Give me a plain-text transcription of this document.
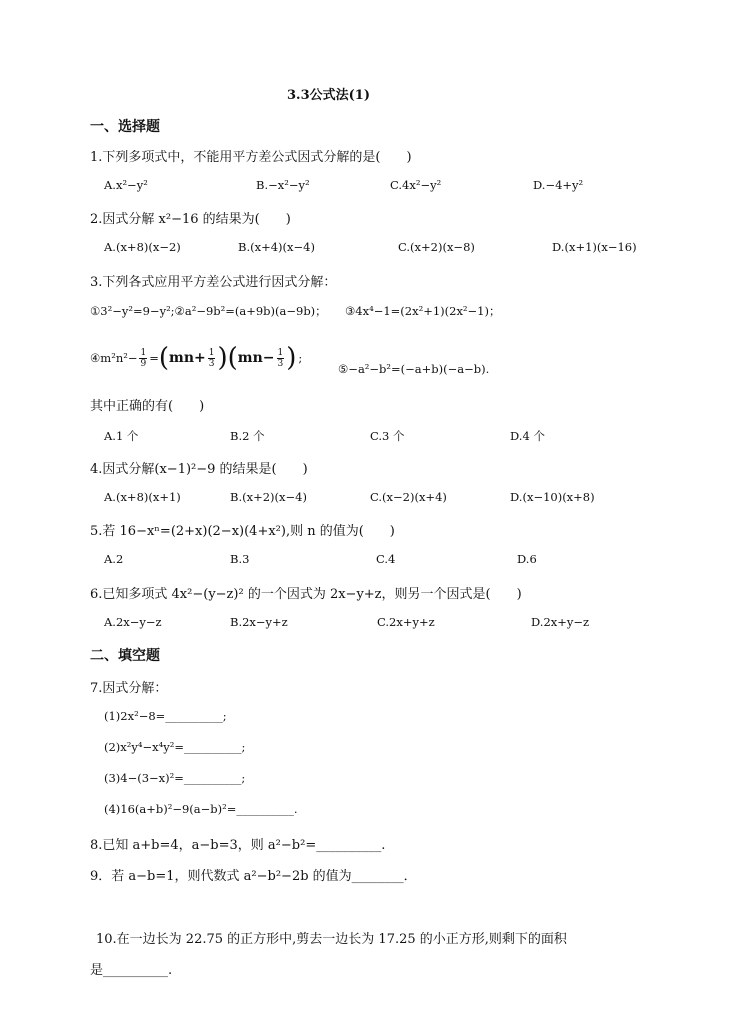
3.3公式法(1)
一、选择题
1.下列多项式中，不能用平方差公式因式分解的是(　　)
A.x²−y²	B.−x²−y²	C.4x²−y²	D.−4+y²
2.因式分解 x²−16 的结果为(　　)
A.(x+8)(x−2)	B.(x+4)(x−4)	C.(x+2)(x−8)	D.(x+1)(x−16)
3.下列各式应用平方差公式进行因式分解：
①3²−y²=9−y²;②a²−9b²=(a+9b)(a−9b)； ③4x⁴−1=(2x²+1)(2x²−1)；
④m²n²− $\frac{1}{9}$ = ( $mn+ \frac{1}{3}$ ) ( $mn- \frac{1}{3}$ ) ;
⑤−a²−b²=(−a+b)(−a−b).
其中正确的有(　　)
A.1 个	B.2 个	C.3 个	D.4 个
4.因式分解(x−1)²−9 的结果是(　　)
A.(x+8)(x+1)	B.(x+2)(x−4)	C.(x−2)(x+4)	D.(x−10)(x+8)
5.若 16−xⁿ=(2+x)(2−x)(4+x²),则 n 的值为(　　)
A.2	B.3	C.4	D.6
6.已知多项式 4x²−(y−z)² 的一个因式为 2x−y+z，则另一个因式是(　　)
A.2x−y−z	B.2x−y+z	C.2x+y+z	D.2x+y−z
二、填空题
7.因式分解：
(1)2x²−8=__________;
(2)x²y⁴−x⁴y²=__________;
(3)4−(3−x)²=__________;
(4)16(a+b)²−9(a−b)²=__________.
8.已知 a+b=4，a−b=3，则 a²−b²=__________.
9．若 a−b=1，则代数式 a²−b²−2b 的值为________．
10.在一边长为 22.75 的正方形中,剪去一边长为 17.25 的小正方形,则剩下的面积
是__________.
